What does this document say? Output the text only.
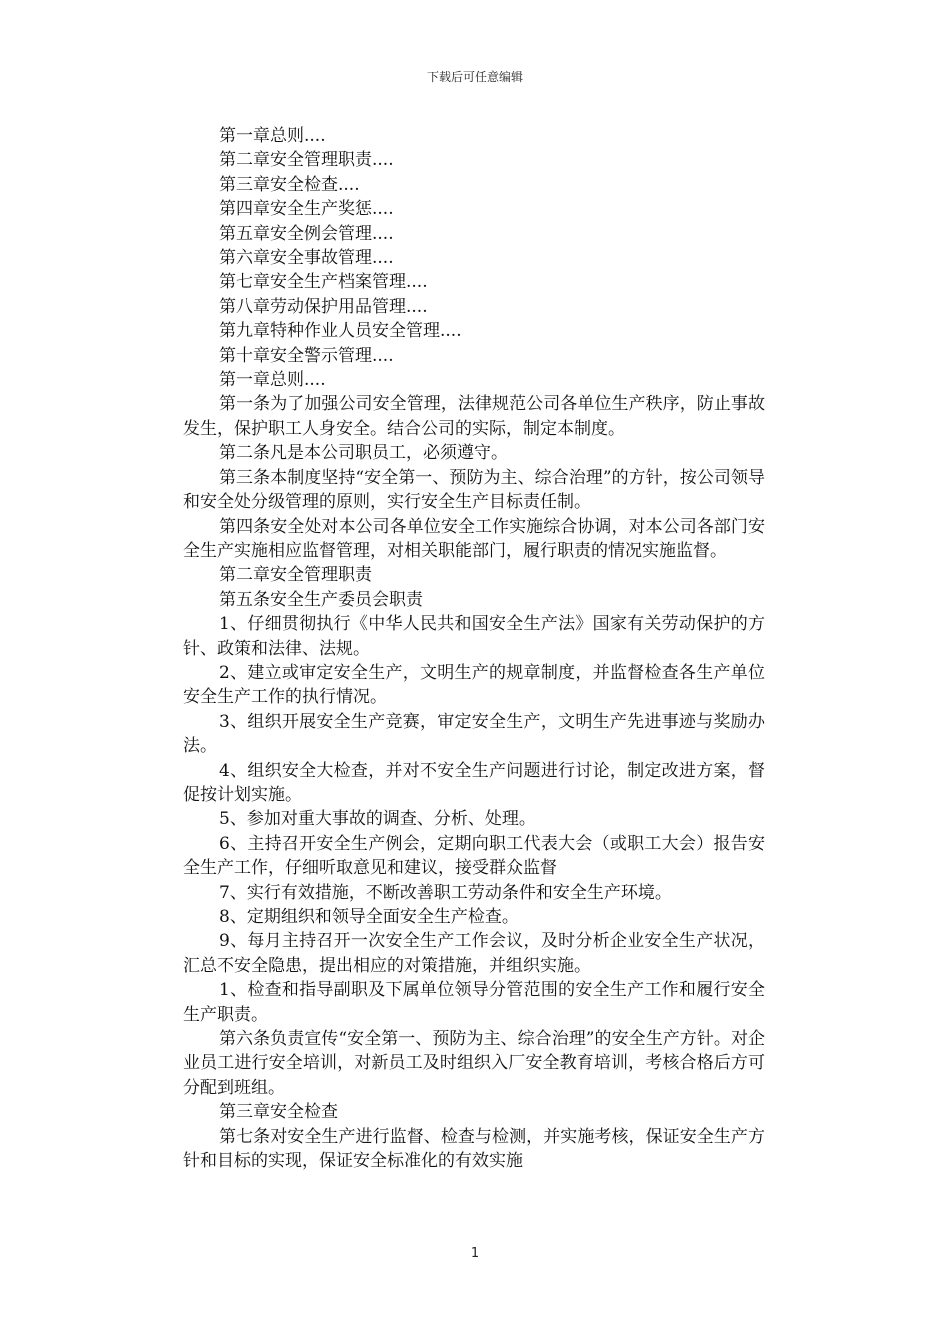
下载后可任意编辑

第一章总则....

第二章安全管理职责....

第三章安全检查....

第四章安全生产奖惩....

第五章安全例会管理....

第六章安全事故管理....

第七章安全生产档案管理....

第八章劳动保护用品管理....

第九章特种作业人员安全管理....

第十章安全警示管理....

第一章总则....

第一条为了加强公司安全管理，法律规范公司各单位生产秩序，防止事故发生，保护职工人身安全。结合公司的实际，制定本制度。

第二条凡是本公司职员工，必须遵守。

第三条本制度坚持“安全第一、预防为主、综合治理”的方针，按公司领导和安全处分级管理的原则，实行安全生产目标责任制。

第四条安全处对本公司各单位安全工作实施综合协调，对本公司各部门安全生产实施相应监督管理，对相关职能部门，履行职责的情况实施监督。

第二章安全管理职责

第五条安全生产委员会职责

1、仔细贯彻执行《中华人民共和国安全生产法》国家有关劳动保护的方针、政策和法律、法规。

2、建立或审定安全生产，文明生产的规章制度，并监督检查各生产单位安全生产工作的执行情况。

3、组织开展安全生产竞赛，审定安全生产，文明生产先进事迹与奖励办法。

4、组织安全大检查，并对不安全生产问题进行讨论，制定改进方案，督促按计划实施。

5、参加对重大事故的调查、分析、处理。

6、主持召开安全生产例会，定期向职工代表大会（或职工大会）报告安全生产工作，仔细听取意见和建议，接受群众监督

7、实行有效措施，不断改善职工劳动条件和安全生产环境。

8、定期组织和领导全面安全生产检查。

9、每月主持召开一次安全生产工作会议，及时分析企业安全生产状况，汇总不安全隐患，提出相应的对策措施，并组织实施。

1、检查和指导副职及下属单位领导分管范围的安全生产工作和履行安全生产职责。

第六条负责宣传“安全第一、预防为主、综合治理”的安全生产方针。对企业员工进行安全培训，对新员工及时组织入厂安全教育培训，考核合格后方可分配到班组。

第三章安全检查

第七条对安全生产进行监督、检查与检测，并实施考核，保证安全生产方针和目标的实现，保证安全标准化的有效实施

1
